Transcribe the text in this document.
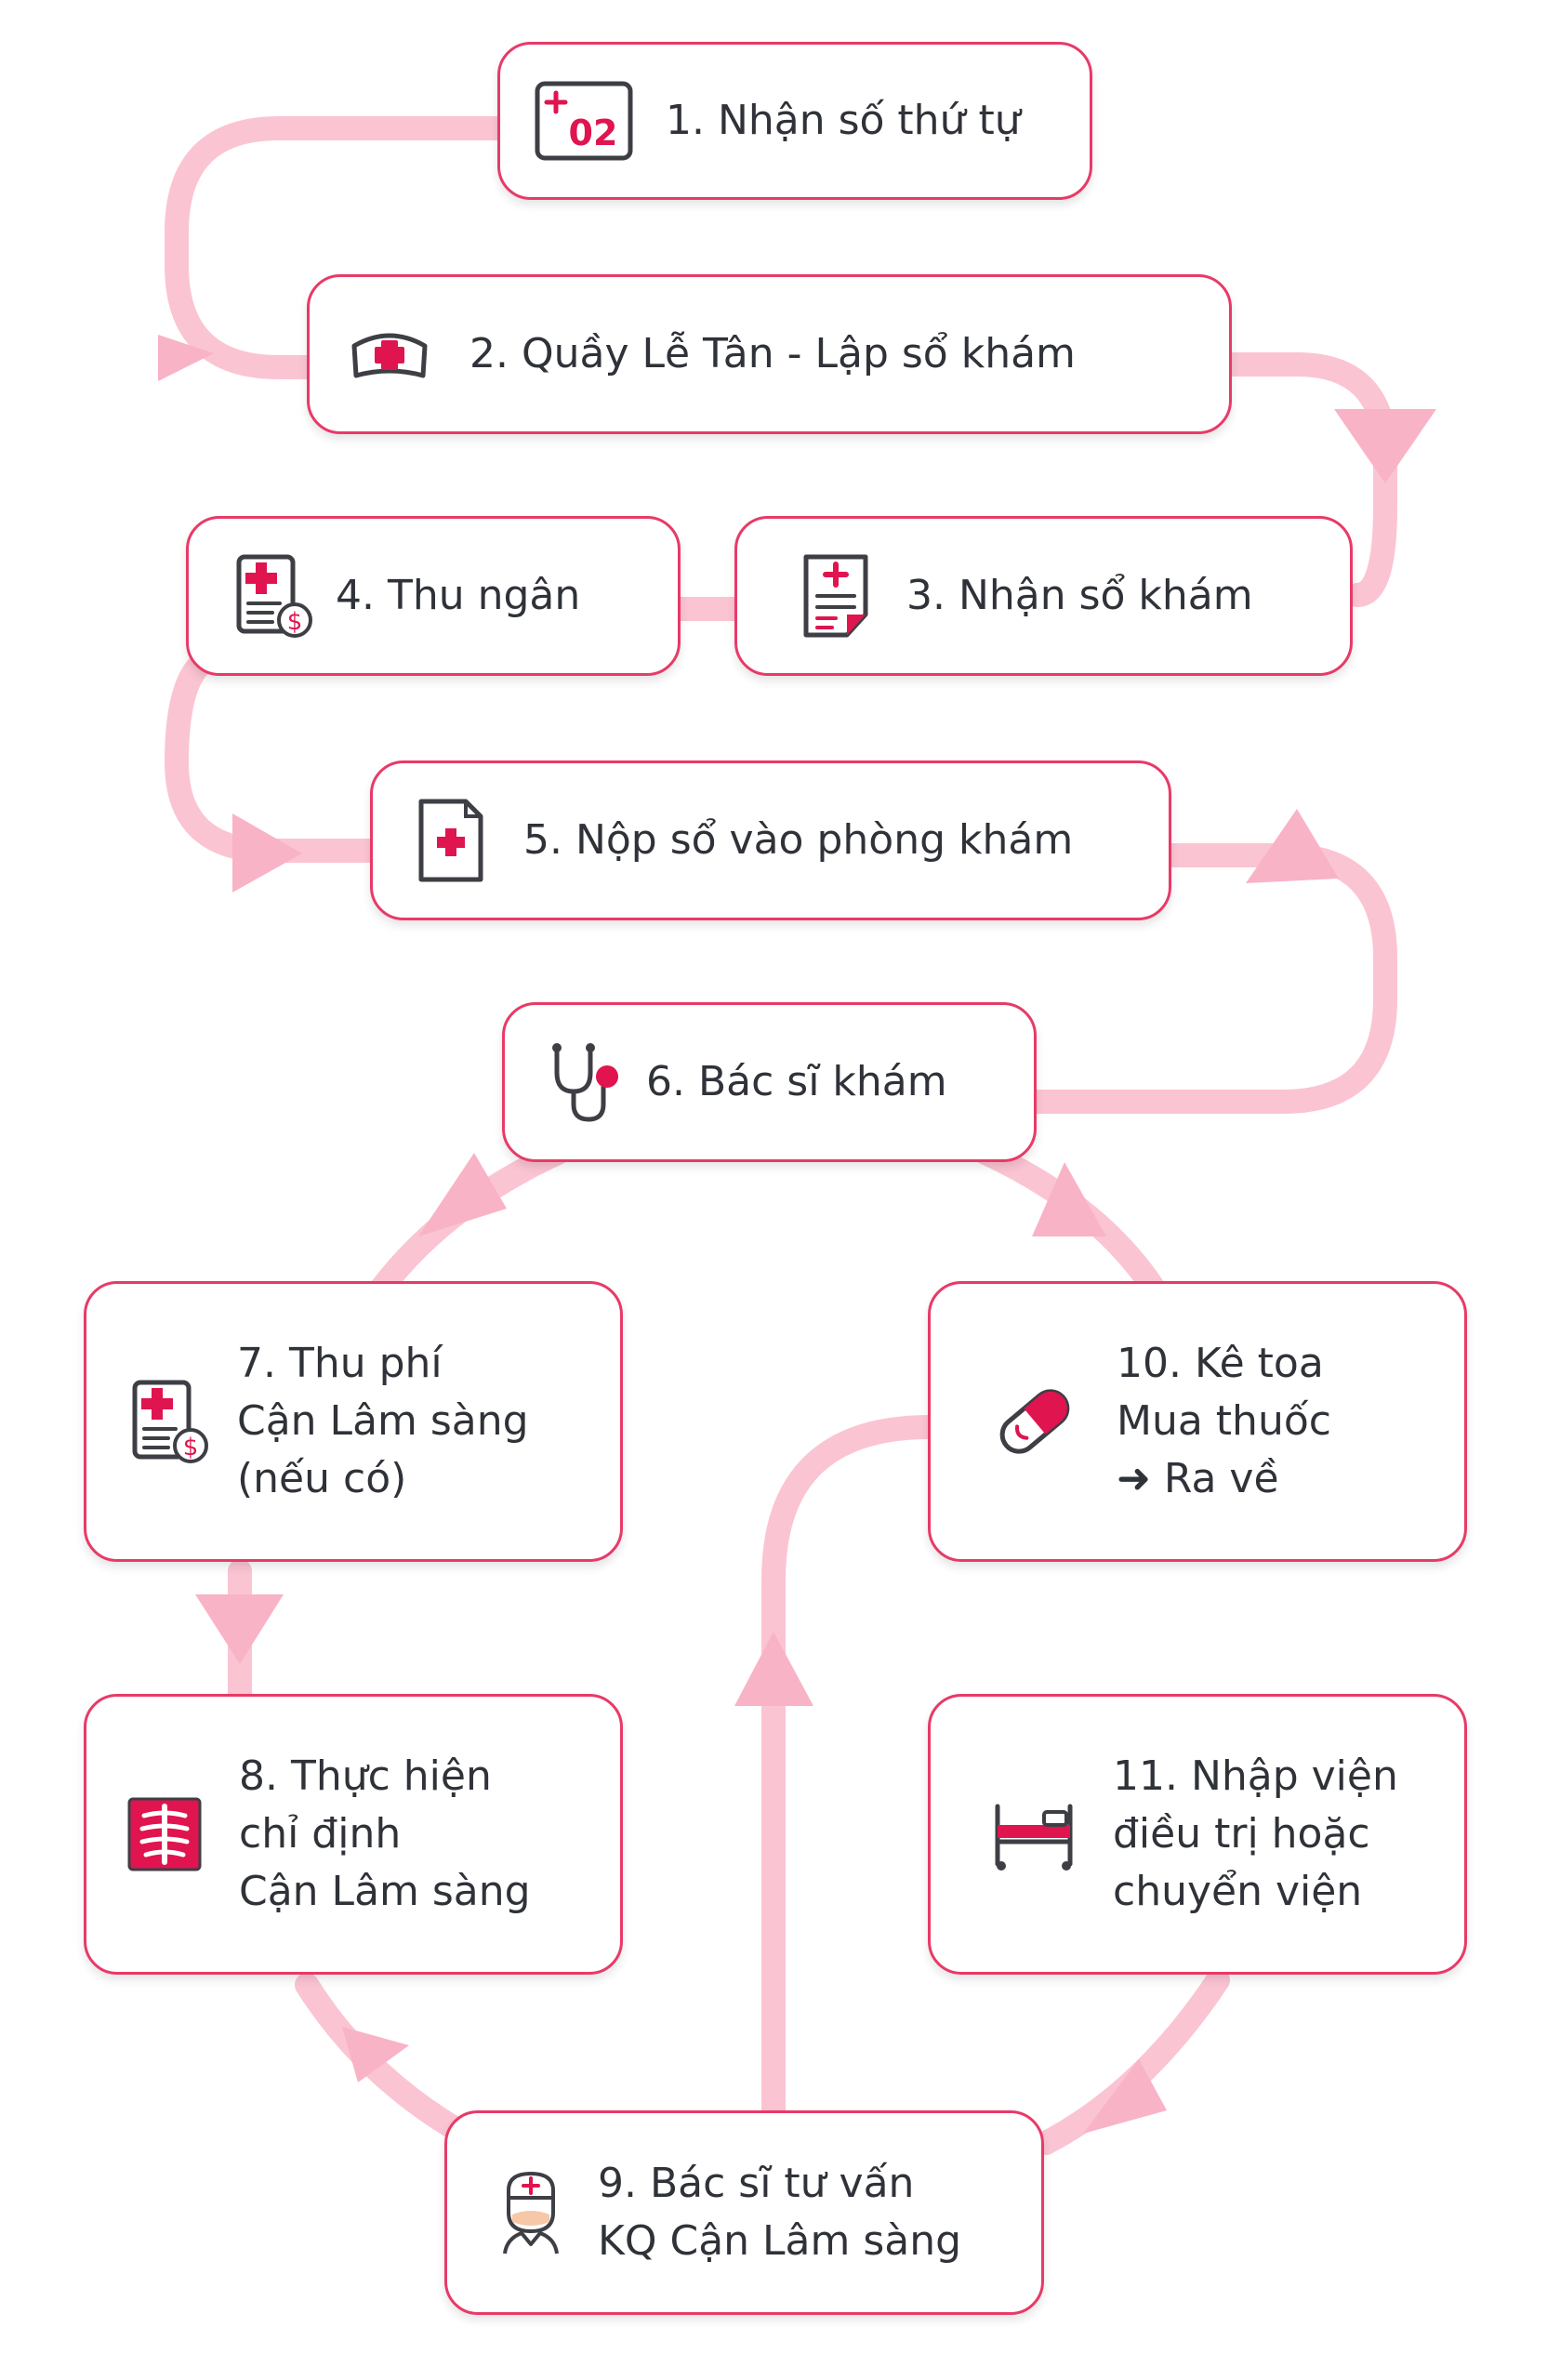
02 1. Nhận số thứ tự
2. Quầy Lễ Tân - Lập sổ khám
$
4. Thu ngân	3. Nhận sổ khám
5. Nộp sổ vào phòng khám
6. Bác sĩ khám
$
7. Thu phí
Cận Lâm sàng
(nếu có)
10. Kê toa
Mua thuốc
➜ Ra về
8. Thực hiện
chỉ định
Cận Lâm sàng
11. Nhập viện
điều trị hoặc
chuyển viện
9. Bác sĩ tư vấn
KQ Cận Lâm sàng
